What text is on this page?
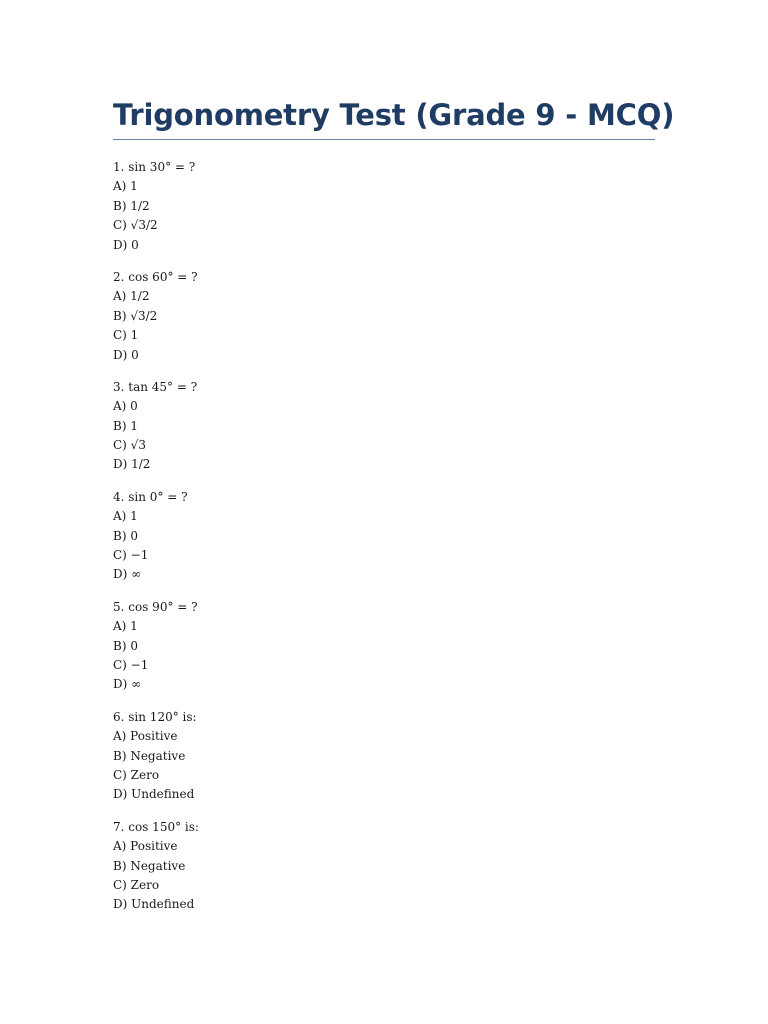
Trigonometry Test (Grade 9 - MCQ)
1. sin 30° = ?
A) 1
B) 1/2
C) √3/2
D) 0
2. cos 60° = ?
A) 1/2
B) √3/2
C) 1
D) 0
3. tan 45° = ?
A) 0
B) 1
C) √3
D) 1/2
4. sin 0° = ?
A) 1
B) 0
C) −1
D) ∞
5. cos 90° = ?
A) 1
B) 0
C) −1
D) ∞
6. sin 120° is:
A) Positive
B) Negative
C) Zero
D) Undefined
7. cos 150° is:
A) Positive
B) Negative
C) Zero
D) Undefined
